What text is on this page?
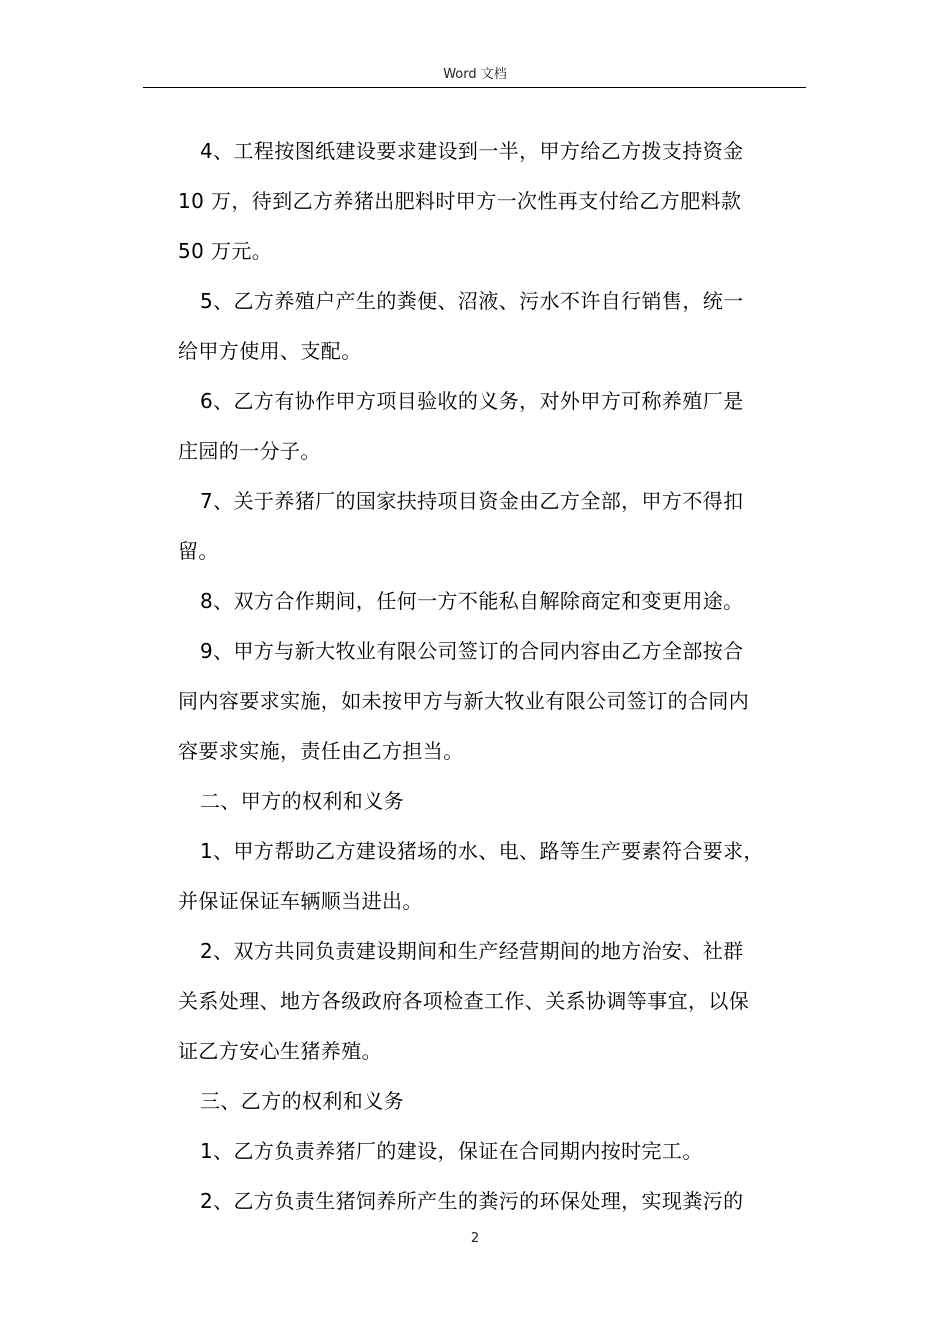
Word 文档

4、工程按图纸建设要求建设到一半，甲方给乙方拨支持资金
10 万，待到乙方养猪出肥料时甲方一次性再支付给乙方肥料款
50 万元。

5、乙方养殖户产生的粪便、沼液、污水不许自行销售，统一
给甲方使用、支配。

6、乙方有协作甲方项目验收的义务，对外甲方可称养殖厂是
庄园的一分子。

7、关于养猪厂的国家扶持项目资金由乙方全部，甲方不得扣
留。

8、双方合作期间，任何一方不能私自解除商定和变更用途。

9、甲方与新大牧业有限公司签订的合同内容由乙方全部按合
同内容要求实施，如未按甲方与新大牧业有限公司签订的合同内
容要求实施，责任由乙方担当。

二、甲方的权利和义务

1、甲方帮助乙方建设猪场的水、电、路等生产要素符合要求，
并保证保证车辆顺当进出。

2、双方共同负责建设期间和生产经营期间的地方治安、社群
关系处理、地方各级政府各项检查工作、关系协调等事宜，以保
证乙方安心生猪养殖。

三、乙方的权利和义务

1、乙方负责养猪厂的建设，保证在合同期内按时完工。

2、乙方负责生猪饲养所产生的粪污的环保处理，实现粪污的

2
